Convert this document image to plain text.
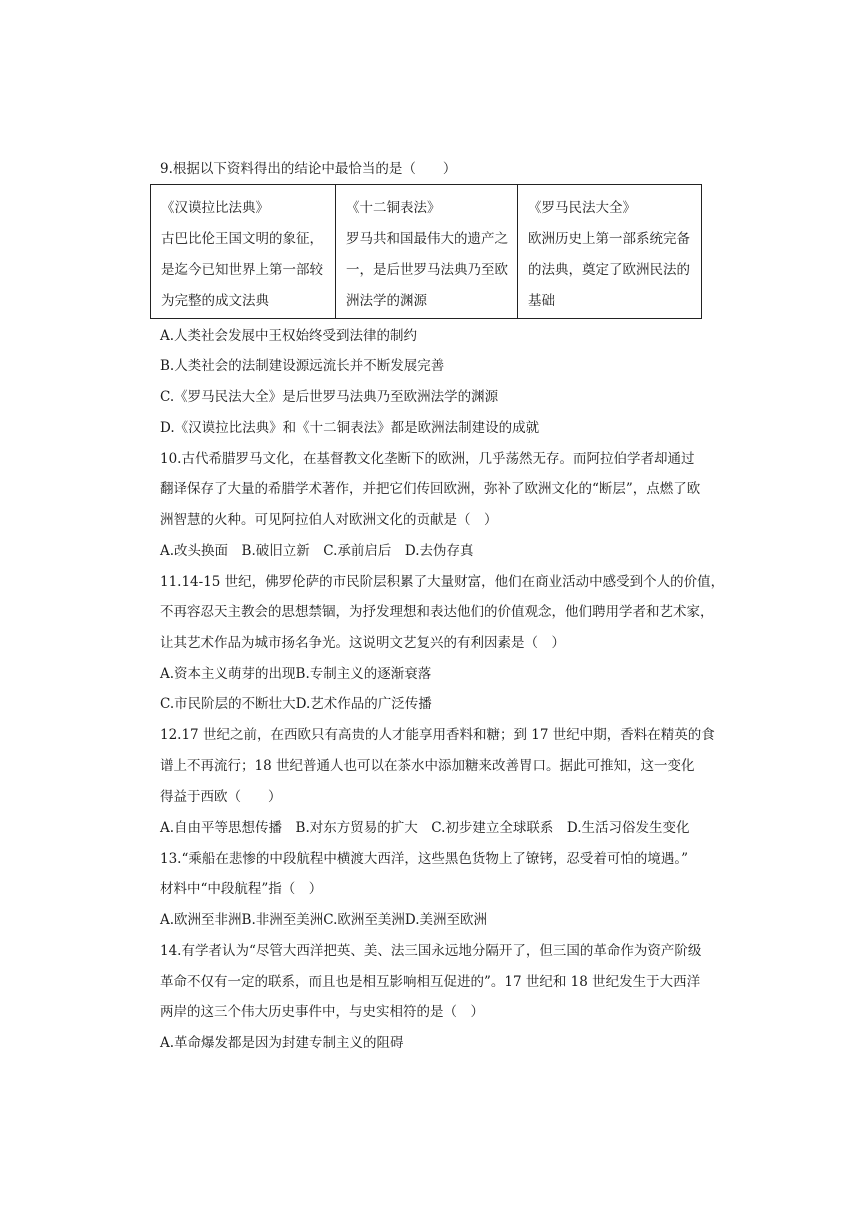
9.根据以下资料得出的结论中最恰当的是（　　）
《汉谟拉比法典》
古巴比伦王国文明的象征，
是迄今已知世界上第一部较
为完整的成文法典

《十二铜表法》
罗马共和国最伟大的遗产之
一，是后世罗马法典乃至欧
洲法学的渊源

《罗马民法大全》
欧洲历史上第一部系统完备
的法典，奠定了欧洲民法的
基础
A.人类社会发展中王权始终受到法律的制约
B.人类社会的法制建设源远流长并不断发展完善
C.《罗马民法大全》是后世罗马法典乃至欧洲法学的渊源
D.《汉谟拉比法典》和《十二铜表法》都是欧洲法制建设的成就
10.古代希腊罗马文化，在基督教文化垄断下的欧洲，几乎荡然无存。而阿拉伯学者却通过
翻译保存了大量的希腊学术著作，并把它们传回欧洲，弥补了欧洲文化的“断层”，点燃了欧
洲智慧的火种。可见阿拉伯人对欧洲文化的贡献是（　）
A.改头换面　B.破旧立新　C.承前启后　D.去伪存真
11.14-15 世纪，佛罗伦萨的市民阶层积累了大量财富，他们在商业活动中感受到个人的价值，
不再容忍天主教会的思想禁锢，为抒发理想和表达他们的价值观念，他们聘用学者和艺术家，
让其艺术作品为城市扬名争光。这说明文艺复兴的有利因素是（　）
A.资本主义萌芽的出现B.专制主义的逐渐衰落
C.市民阶层的不断壮大D.艺术作品的广泛传播
12.17 世纪之前，在西欧只有高贵的人才能享用香料和糖；到 17 世纪中期，香料在精英的食
谱上不再流行；18 世纪普通人也可以在茶水中添加糖来改善胃口。据此可推知，这一变化
得益于西欧（　　）
A.自由平等思想传播　B.对东方贸易的扩大　C.初步建立全球联系　D.生活习俗发生变化
13.“乘船在悲惨的中段航程中横渡大西洋，这些黑色货物上了镣铐，忍受着可怕的境遇。”
材料中“中段航程”指（　）
A.欧洲至非洲B.非洲至美洲C.欧洲至美洲D.美洲至欧洲
14.有学者认为“尽管大西洋把英、美、法三国永远地分隔开了，但三国的革命作为资产阶级
革命不仅有一定的联系，而且也是相互影响相互促进的”。17 世纪和 18 世纪发生于大西洋
两岸的这三个伟大历史事件中，与史实相符的是（　）
A.革命爆发都是因为封建专制主义的阻碍
